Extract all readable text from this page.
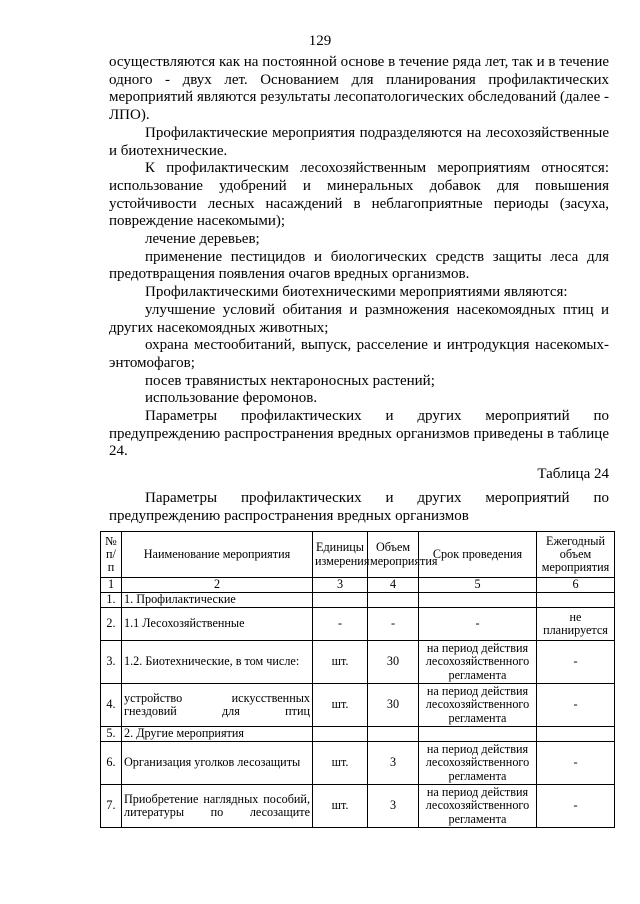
129

осуществляются как на постоянной основе в течение ряда лет, так и в течение одного - двух лет. Основанием для планирования профилактических мероприятий являются результаты лесопатологических обследований (далее - ЛПО).

Профилактические мероприятия подразделяются на лесохозяйственные и биотехнические.

К профилактическим лесохозяйственным мероприятиям относятся: использование удобрений и минеральных добавок для повышения устойчивости лесных насаждений в неблагоприятные периоды (засуха, повреждение насекомыми);

лечение деревьев;

применение пестицидов и биологических средств защиты леса для предотвращения появления очагов вредных организмов.

Профилактическими биотехническими мероприятиями являются:

улучшение условий обитания и размножения насекомоядных птиц и других насекомоядных животных;

охрана местообитаний, выпуск, расселение и интродукция насекомых-энтомофагов;

посев травянистых нектароносных растений;

использование феромонов.

Параметры профилактических и других мероприятий по предупреждению распространения вредных организмов приведены в таблице 24.

Таблица 24
Параметры профилактических и других мероприятий по
предупреждению распространения вредных организмов
№ п/п	Наименование мероприятия	Единицы измерения	Объем мероприятия	Срок проведения	Ежегодный объем мероприятия
1	2	3	4	5	6
1.	1. Профилактические				
2.	1.1 Лесохозяйственные	-	-	-	не планируется
3.	1.2. Биотехнические, в том числе:	шт.	30	на период действия лесохозяйственного регламента	-
4.	устройство искусственных гнездовий для птиц	шт.	30	на период действия лесохозяйственного регламента	-
5.	2. Другие мероприятия				
6.	Организация уголков лесозащиты	шт.	3	на период действия лесохозяйственного регламента	-
7.	Приобретение наглядных пособий, литературы по лесозащите	шт.	3	на период действия лесохозяйственного регламента	-
